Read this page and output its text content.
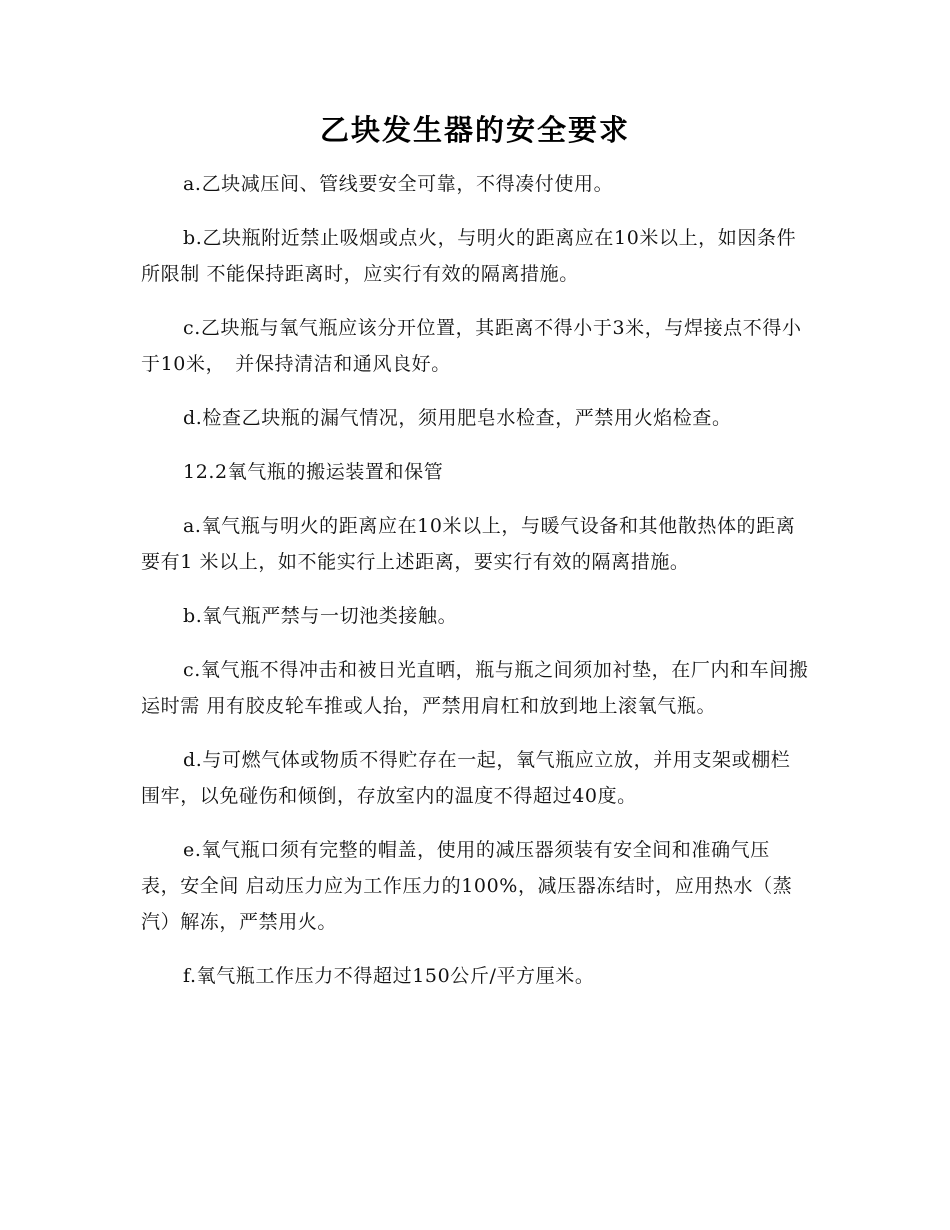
乙块发生器的安全要求

a.乙块减压间、管线要安全可靠，不得凑付使用。

b.乙块瓶附近禁止吸烟或点火，与明火的距离应在10米以上，如因条件所限制 不能保持距离时，应实行有效的隔离措施。

c.乙块瓶与氧气瓶应该分开位置，其距离不得小于3米，与焊接点不得小于10米，　并保持清洁和通风良好。

d.检查乙块瓶的漏气情况，须用肥皂水检查，严禁用火焰检查。

12.2氧气瓶的搬运装置和保管

a.氧气瓶与明火的距离应在10米以上，与暖气设备和其他散热体的距离要有1 米以上，如不能实行上述距离，要实行有效的隔离措施。

b.氧气瓶严禁与一切池类接触。

c.氧气瓶不得冲击和被日光直晒，瓶与瓶之间须加衬垫，在厂内和车间搬运时需 用有胶皮轮车推或人抬，严禁用肩杠和放到地上滚氧气瓶。

d.与可燃气体或物质不得贮存在一起，氧气瓶应立放，并用支架或棚栏围牢，以免碰伤和倾倒，存放室内的温度不得超过40度。

e.氧气瓶口须有完整的帽盖，使用的减压器须装有安全间和准确气压表，安全间 启动压力应为工作压力的100%，减压器冻结时，应用热水（蒸汽）解冻，严禁用火。

f.氧气瓶工作压力不得超过150公斤/平方厘米。
